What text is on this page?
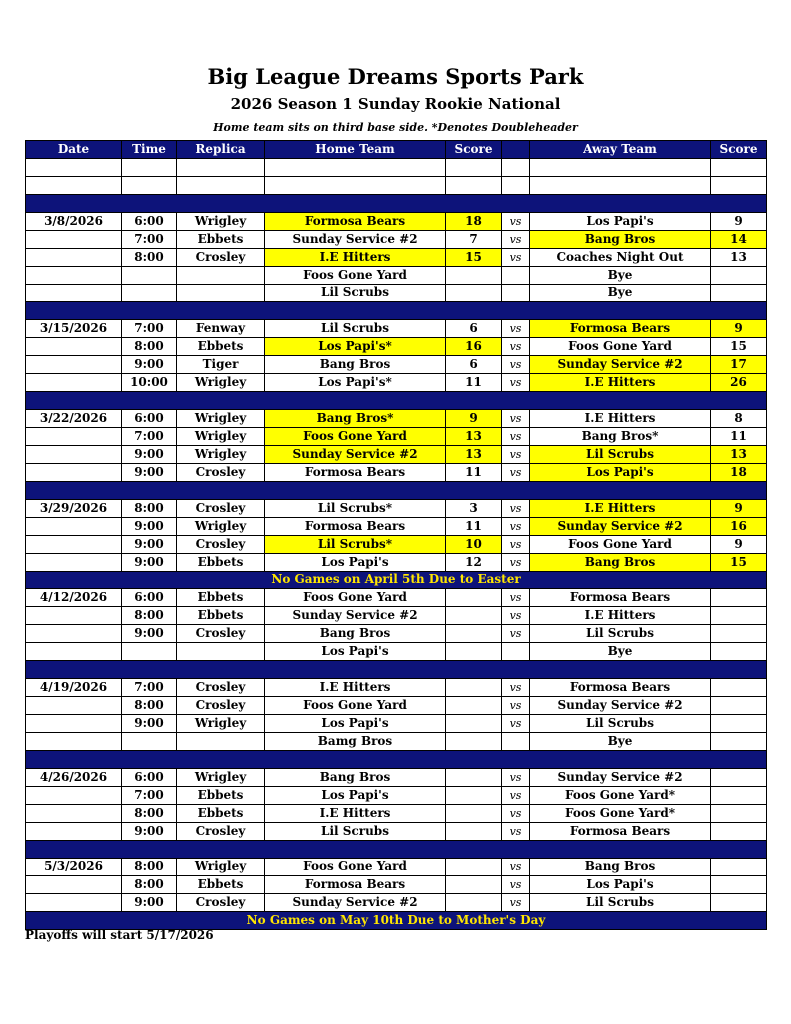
Big League Dreams Sports Park
2026 Season 1 Sunday Rookie National
Home team sits on third base side. *Denotes Doubleheader
Date	Time	Replica	Home Team	Score		Away Team	Score

3/8/2026	6:00	Wrigley	Formosa Bears	18	vs	Los Papi's	9
	7:00	Ebbets	Sunday Service #2	7	vs	Bang Bros	14
	8:00	Crosley	I.E Hitters	15	vs	Coaches Night Out	13
			Foos Gone Yard			Bye	
			Lil Scrubs			Bye	

3/15/2026	7:00	Fenway	Lil Scrubs	6	vs	Formosa Bears	9
	8:00	Ebbets	Los Papi's*	16	vs	Foos Gone Yard	15
	9:00	Tiger	Bang Bros	6	vs	Sunday Service #2	17
	10:00	Wrigley	Los Papi's*	11	vs	I.E Hitters	26

3/22/2026	6:00	Wrigley	Bang Bros*	9	vs	I.E Hitters	8
	7:00	Wrigley	Foos Gone Yard	13	vs	Bang Bros*	11
	9:00	Wrigley	Sunday Service #2	13	vs	Lil Scrubs	13
	9:00	Crosley	Formosa Bears	11	vs	Los Papi's	18

3/29/2026	8:00	Crosley	Lil Scrubs*	3	vs	I.E Hitters	9
	9:00	Wrigley	Formosa Bears	11	vs	Sunday Service #2	16
	9:00	Crosley	Lil Scrubs*	10	vs	Foos Gone Yard	9
	9:00	Ebbets	Los Papi's	12	vs	Bang Bros	15
No Games on April 5th Due to Easter							
4/12/2026	6:00	Ebbets	Foos Gone Yard		vs	Formosa Bears	
	8:00	Ebbets	Sunday Service #2		vs	I.E Hitters	
	9:00	Crosley	Bang Bros		vs	Lil Scrubs	
			Los Papi's			Bye	

4/19/2026	7:00	Crosley	I.E Hitters		vs	Formosa Bears	
	8:00	Crosley	Foos Gone Yard		vs	Sunday Service #2	
	9:00	Wrigley	Los Papi's		vs	Lil Scrubs	
			Bamg Bros			Bye	

4/26/2026	6:00	Wrigley	Bang Bros		vs	Sunday Service #2	
	7:00	Ebbets	Los Papi's		vs	Foos Gone Yard*	
	8:00	Ebbets	I.E Hitters		vs	Foos Gone Yard*	
	9:00	Crosley	Lil Scrubs		vs	Formosa Bears	

5/3/2026	8:00	Wrigley	Foos Gone Yard		vs	Bang Bros	
	8:00	Ebbets	Formosa Bears		vs	Los Papi's	
	9:00	Crosley	Sunday Service #2		vs	Lil Scrubs	
No Games on May 10th Due to Mother's Day							
Playoffs will start 5/17/2026
